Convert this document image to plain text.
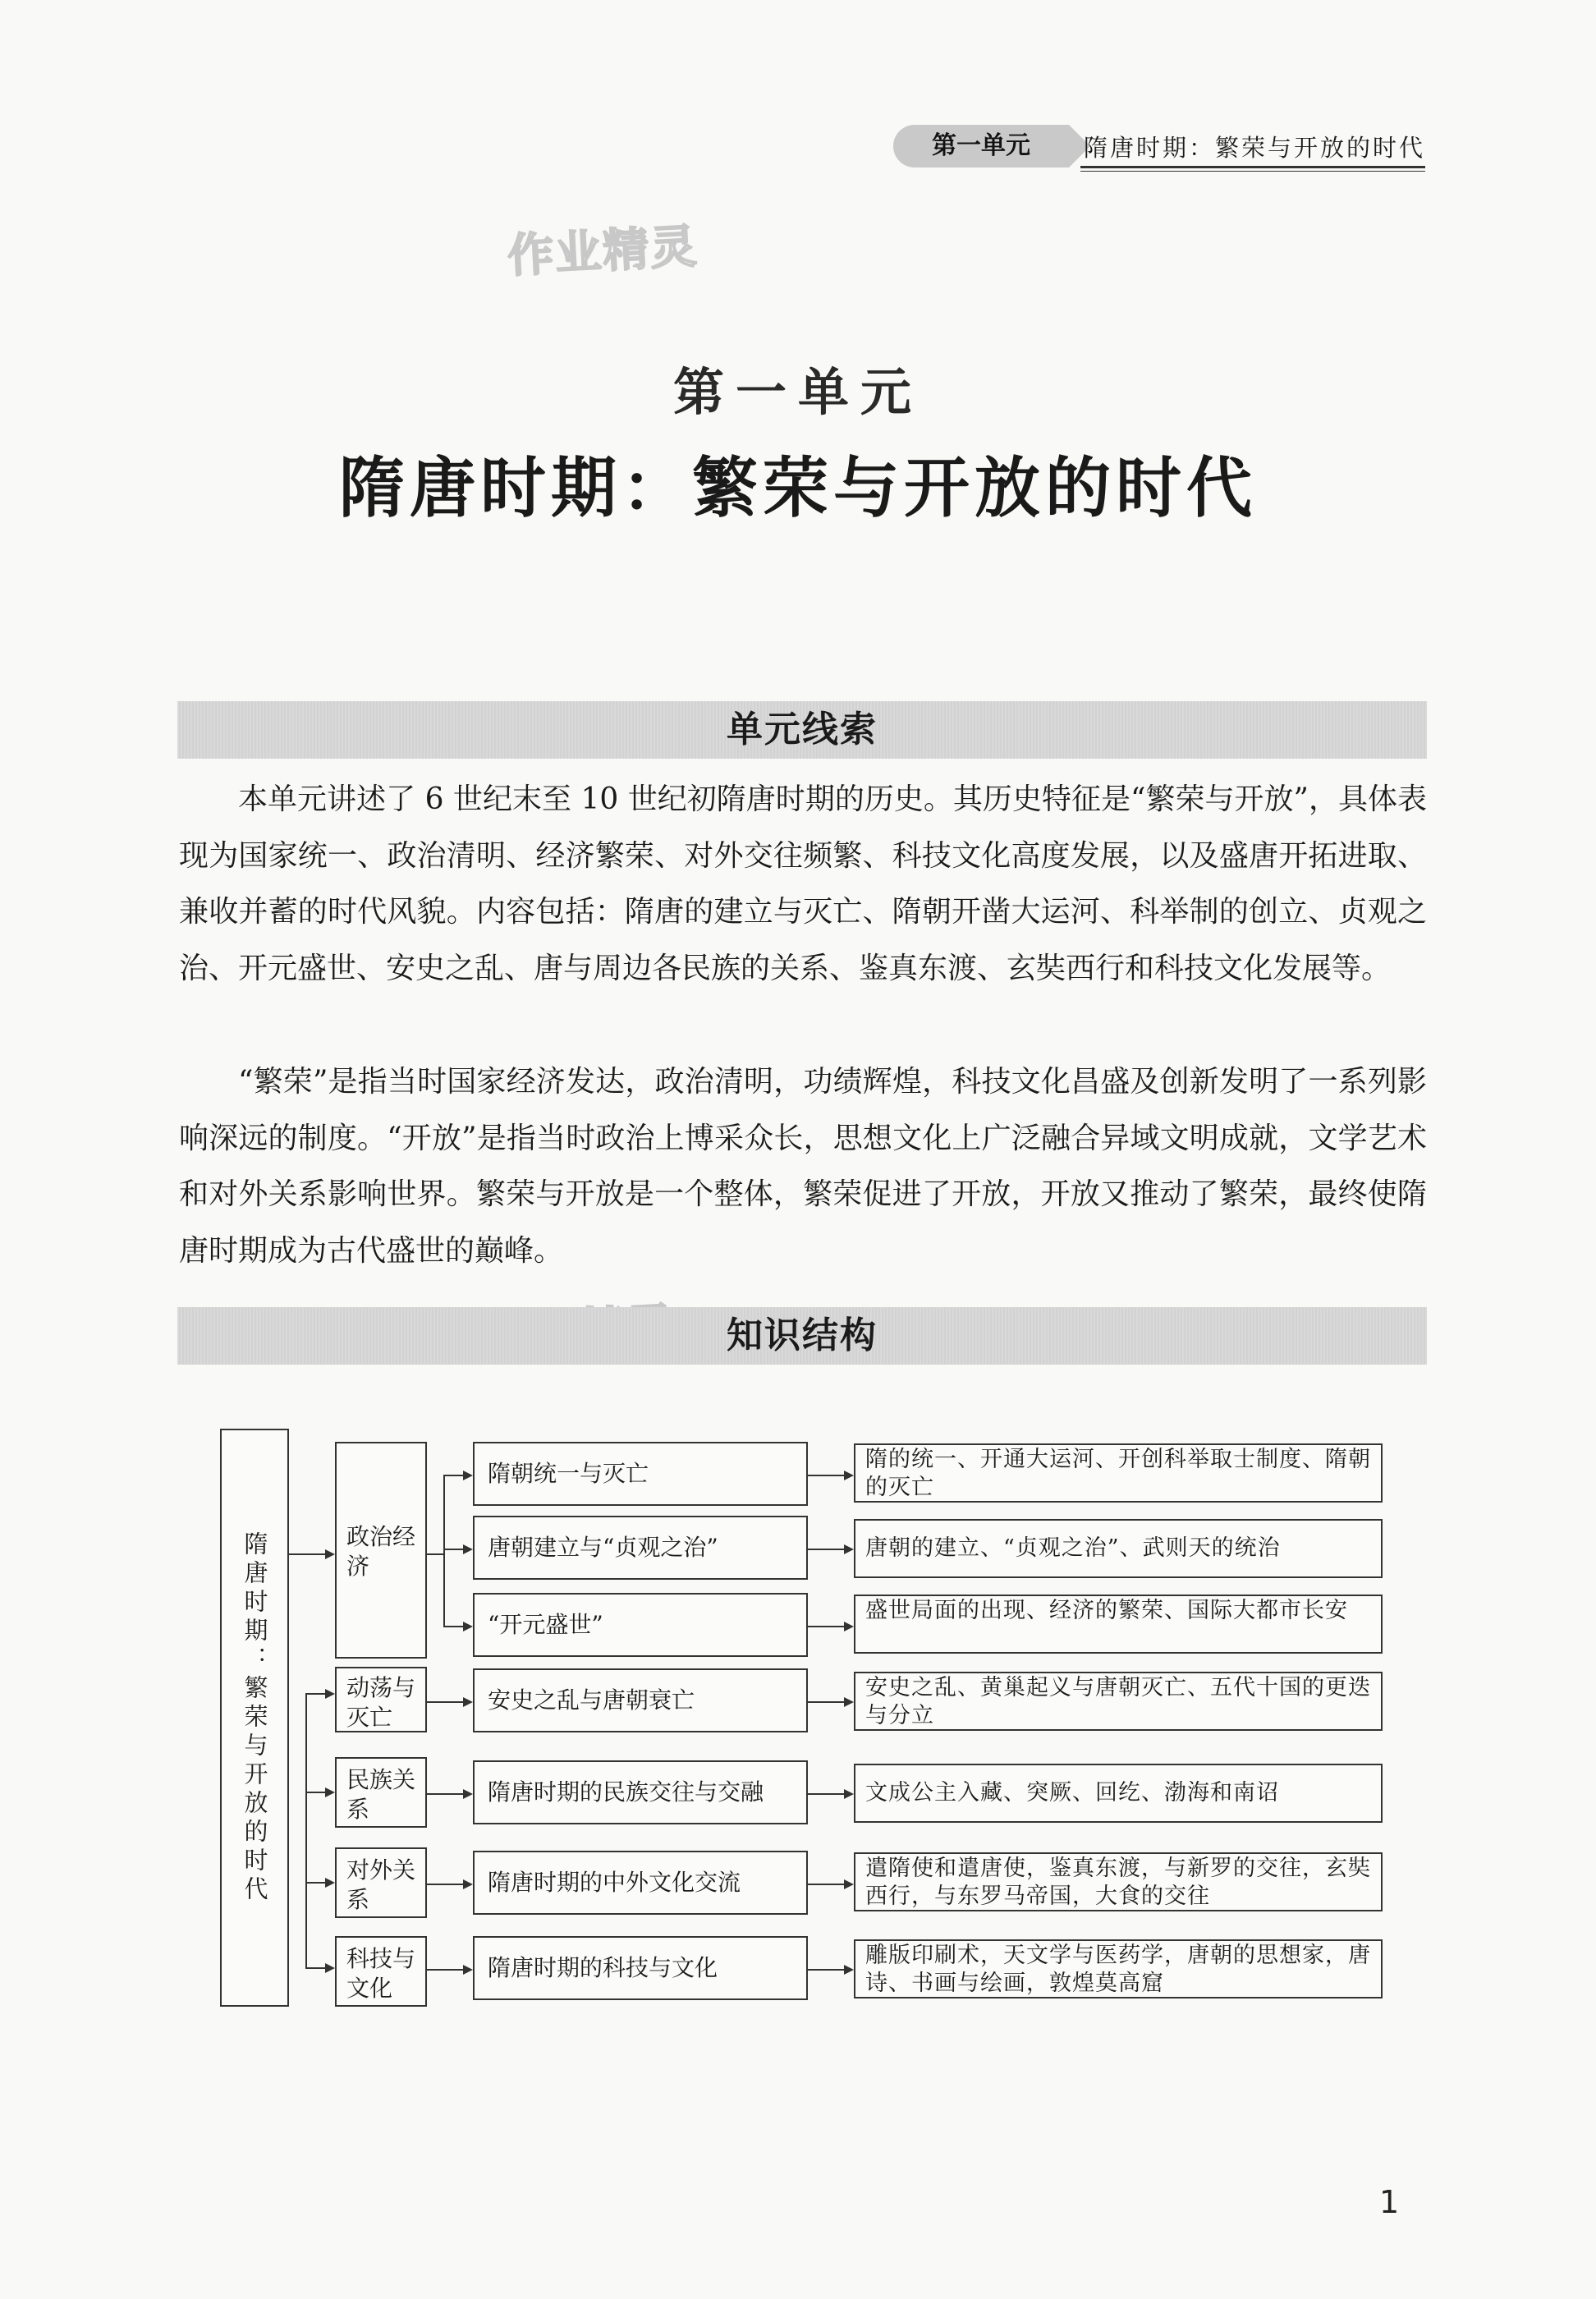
第一单元	隋唐时期：繁荣与开放的时代
作业精灵
第一单元
隋唐时期：繁荣与开放的时代
单元线索

本单元讲述了 6 世纪末至 10 世纪初隋唐时期的历史。其历史特征是“繁荣与开放”，具体表现为国家统一、政治清明、经济繁荣、对外交往频繁、科技文化高度发展，以及盛唐开拓进取、兼收并蓄的时代风貌。内容包括：隋唐的建立与灭亡、隋朝开凿大运河、科举制的创立、贞观之治、开元盛世、安史之乱、唐与周边各民族的关系、鉴真东渡、玄奘西行和科技文化发展等。

“繁荣”是指当时国家经济发达，政治清明，功绩辉煌，科技文化昌盛及创新发明了一系列影响深远的制度。“开放”是指当时政治上博采众长，思想文化上广泛融合异域文明成就，文学艺术和对外关系影响世界。繁荣与开放是一个整体，繁荣促进了开放，开放又推动了繁荣，最终使隋唐时期成为古代盛世的巅峰。

知识结构
隋唐时期：繁荣与开放的时代	政治经济
动荡与灭亡
民族关系
对外关系
科技与文化
隋朝统一与灭亡
唐朝建立与“贞观之治”
“开元盛世”
安史之乱与唐朝衰亡
隋唐时期的民族交往与交融
隋唐时期的中外文化交流
隋唐时期的科技与文化
隋的统一、开通大运河、开创科举取士制度、隋朝的灭亡
唐朝的建立、“贞观之治”、武则天的统治
盛世局面的出现、经济的繁荣、国际大都市长安
安史之乱、黄巢起义与唐朝灭亡、五代十国的更迭与分立
文成公主入藏、突厥、回纥、渤海和南诏
遣隋使和遣唐使，鉴真东渡，与新罗的交往，玄奘西行，与东罗马帝国，大食的交往
雕版印刷术，天文学与医药学，唐朝的思想家，唐诗、书画与绘画，敦煌莫高窟
1
